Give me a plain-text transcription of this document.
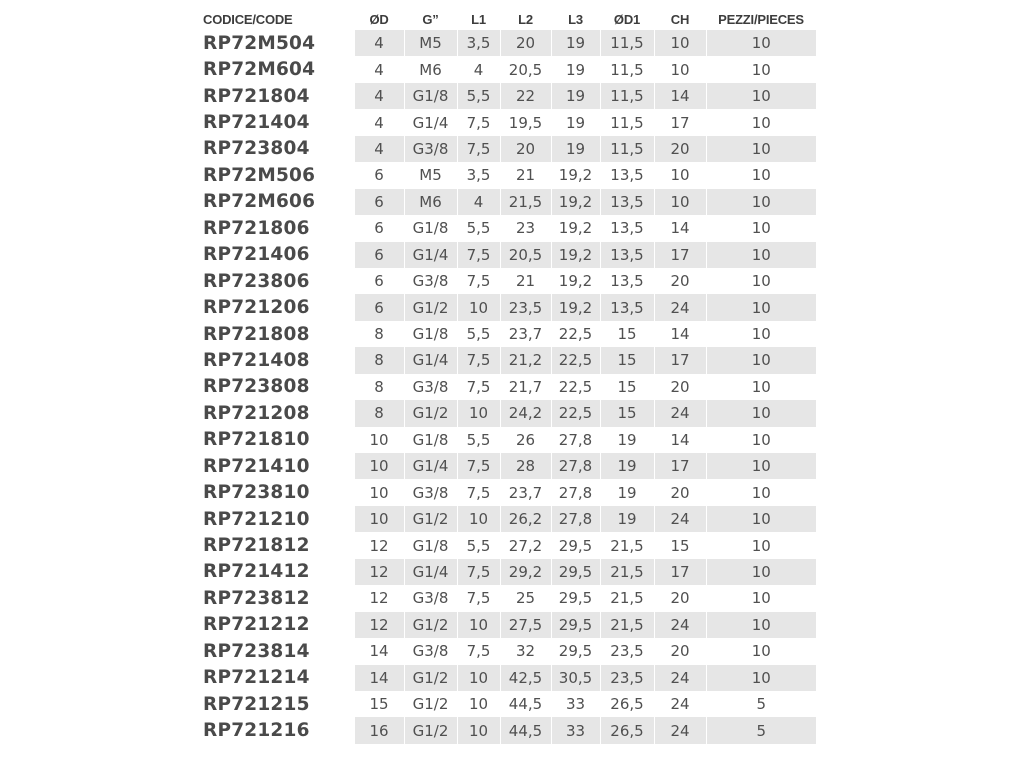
CODICE/CODE	ØD	G”	L1	L2	L3	ØD1	CH	PEZZI/PIECES
RP72M504	4	M5	3,5	20	19	11,5	10	10
RP72M604	4	M6	4	20,5	19	11,5	10	10
RP721804	4	G1/8	5,5	22	19	11,5	14	10
RP721404	4	G1/4	7,5	19,5	19	11,5	17	10
RP723804	4	G3/8	7,5	20	19	11,5	20	10
RP72M506	6	M5	3,5	21	19,2	13,5	10	10
RP72M606	6	M6	4	21,5	19,2	13,5	10	10
RP721806	6	G1/8	5,5	23	19,2	13,5	14	10
RP721406	6	G1/4	7,5	20,5	19,2	13,5	17	10
RP723806	6	G3/8	7,5	21	19,2	13,5	20	10
RP721206	6	G1/2	10	23,5	19,2	13,5	24	10
RP721808	8	G1/8	5,5	23,7	22,5	15	14	10
RP721408	8	G1/4	7,5	21,2	22,5	15	17	10
RP723808	8	G3/8	7,5	21,7	22,5	15	20	10
RP721208	8	G1/2	10	24,2	22,5	15	24	10
RP721810	10	G1/8	5,5	26	27,8	19	14	10
RP721410	10	G1/4	7,5	28	27,8	19	17	10
RP723810	10	G3/8	7,5	23,7	27,8	19	20	10
RP721210	10	G1/2	10	26,2	27,8	19	24	10
RP721812	12	G1/8	5,5	27,2	29,5	21,5	15	10
RP721412	12	G1/4	7,5	29,2	29,5	21,5	17	10
RP723812	12	G3/8	7,5	25	29,5	21,5	20	10
RP721212	12	G1/2	10	27,5	29,5	21,5	24	10
RP723814	14	G3/8	7,5	32	29,5	23,5	20	10
RP721214	14	G1/2	10	42,5	30,5	23,5	24	10
RP721215	15	G1/2	10	44,5	33	26,5	24	5
RP721216	16	G1/2	10	44,5	33	26,5	24	5
